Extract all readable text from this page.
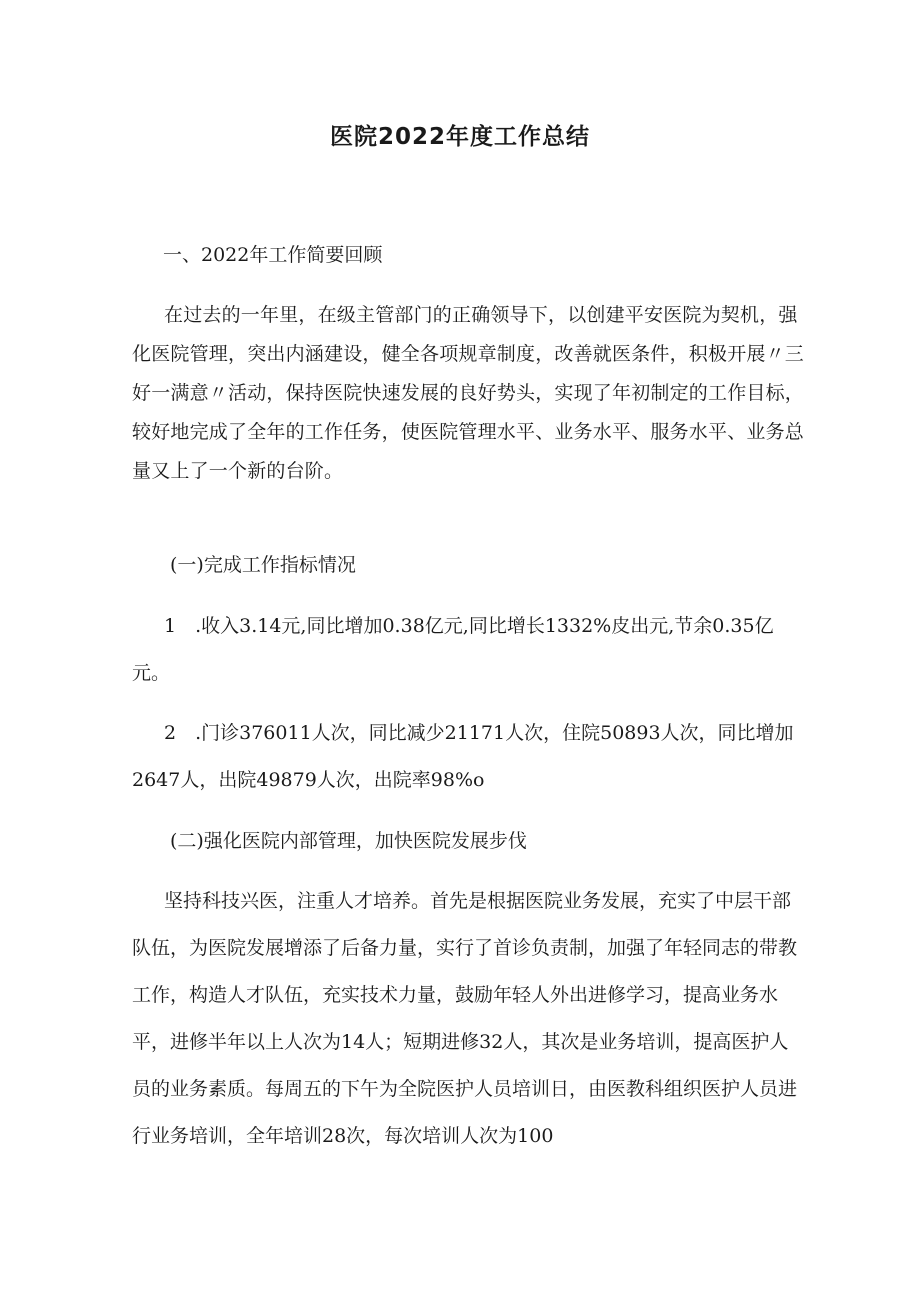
医院2022年度工作总结

一、2022年工作简要回顾

在过去的一年里，在级主管部门的正确领导下，以创建平安医院为契机，强化医院管理，突出内涵建设，健全各项规章制度，改善就医条件，积极开展〃三好一满意〃活动，保持医院快速发展的良好势头，实现了年初制定的工作目标，较好地完成了全年的工作任务，使医院管理水平、业务水平、服务水平、业务总量又上了一个新的台阶。

(一)完成工作指标情况

1　.收入3.14元,同比增加0.38亿元,同比增长1332%皮出元,节余0.35亿元。

2　.门诊376011人次，同比减少21171人次，住院50893人次，同比增加2647人，出院49879人次，出院率98%o

(二)强化医院内部管理，加快医院发展步伐

坚持科技兴医，注重人才培养。首先是根据医院业务发展，充实了中层干部队伍，为医院发展增添了后备力量，实行了首诊负责制，加强了年轻同志的带教工作，构造人才队伍，充实技术力量，鼓励年轻人外出进修学习，提高业务水平，进修半年以上人次为14人；短期进修32人，其次是业务培训，提高医护人员的业务素质。每周五的下午为全院医护人员培训日，由医教科组织医护人员进行业务培训，全年培训28次，每次培训人次为100
